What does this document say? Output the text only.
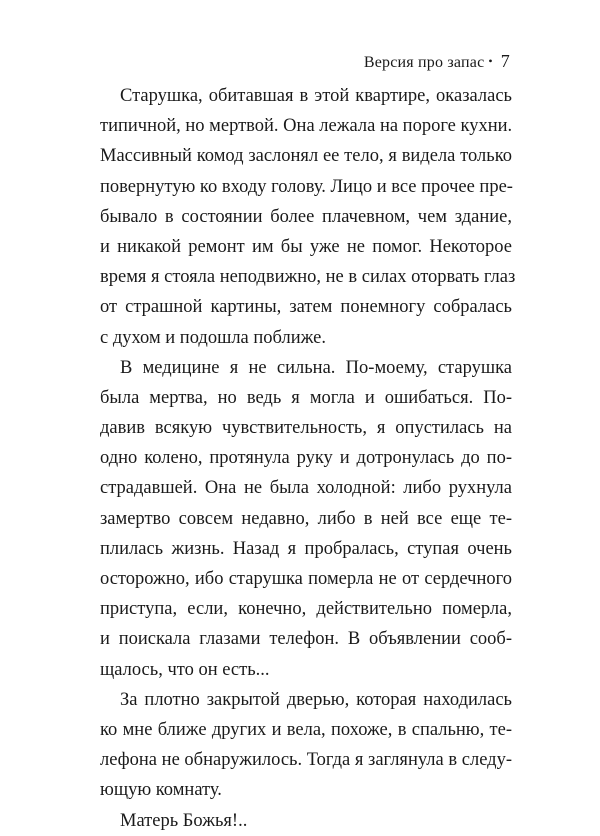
Версия про запас • 7
Старушка, обитавшая в этой квартире, оказалась
типичной, но мертвой. Она лежала на пороге кухни.
Массивный комод заслонял ее тело, я видела только
повернутую ко входу голову. Лицо и все прочее пре-
бывало в состоянии более плачевном, чем здание,
и никакой ремонт им бы уже не помог. Некоторое
время я стояла неподвижно, не в силах оторвать глаз
от страшной картины, затем понемногу собралась
с духом и подошла поближе.
В медицине я не сильна. По-моему, старушка
была мертва, но ведь я могла и ошибаться. По-
давив всякую чувствительность, я опустилась на
одно колено, протянула руку и дотронулась до по-
страдавшей. Она не была холодной: либо рухнула
замертво совсем недавно, либо в ней все еще те-
плилась жизнь. Назад я пробралась, ступая очень
осторожно, ибо старушка померла не от сердечного
приступа, если, конечно, действительно померла,
и поискала глазами телефон. В объявлении сооб-
щалось, что он есть...
За плотно закрытой дверью, которая находилась
ко мне ближе других и вела, похоже, в спальню, те-
лефона не обнаружилось. Тогда я заглянула в следу-
ющую комнату.
Матерь Божья!..
